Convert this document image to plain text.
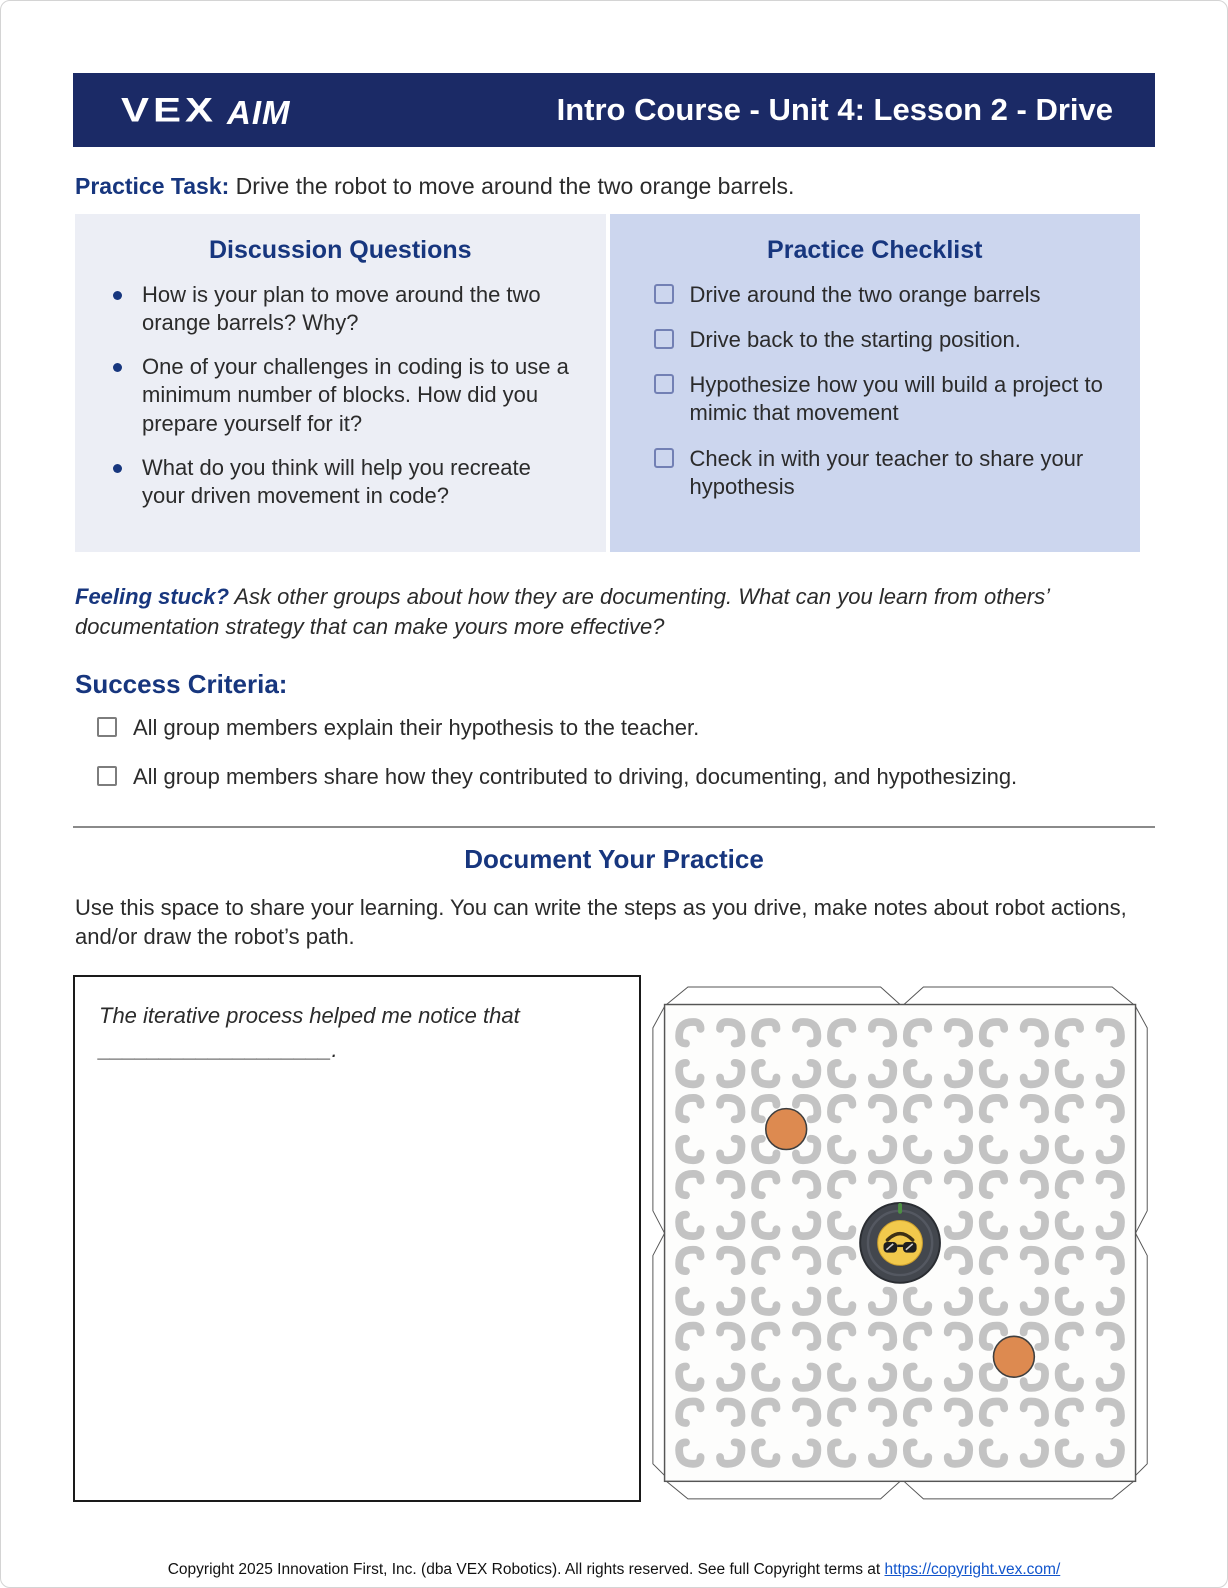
VEX AIM	Intro Course - Unit 4: Lesson 2 - Drive

Practice Task: Drive the robot to move around the two orange barrels.

Discussion Questions
How is your plan to move around the two orange barrels? Why?
One of your challenges in coding is to use a minimum number of blocks. How did you prepare yourself for it?
What do you think will help you recreate your driven movement in code?
Practice Checklist
Drive around the two orange barrels
Drive back to the starting position.
Hypothesize how you will build a project to mimic that movement
Check in with your teacher to share your hypothesis

Feeling stuck? Ask other groups about how they are documenting. What can you learn from others’ documentation strategy that can make yours more effective?

Success Criteria:
All group members explain their hypothesis to the teacher.
All group members share how they contributed to driving, documenting, and hypothesizing.
Document Your Practice

Use this space to share your learning. You can write the steps as you drive, make notes about robot actions, and/or draw the robot’s path.

The iterative process helped me notice that
___________________.
Copyright 2025 Innovation First, Inc. (dba VEX Robotics). All rights reserved. See full Copyright terms at https://copyright.vex.com/
